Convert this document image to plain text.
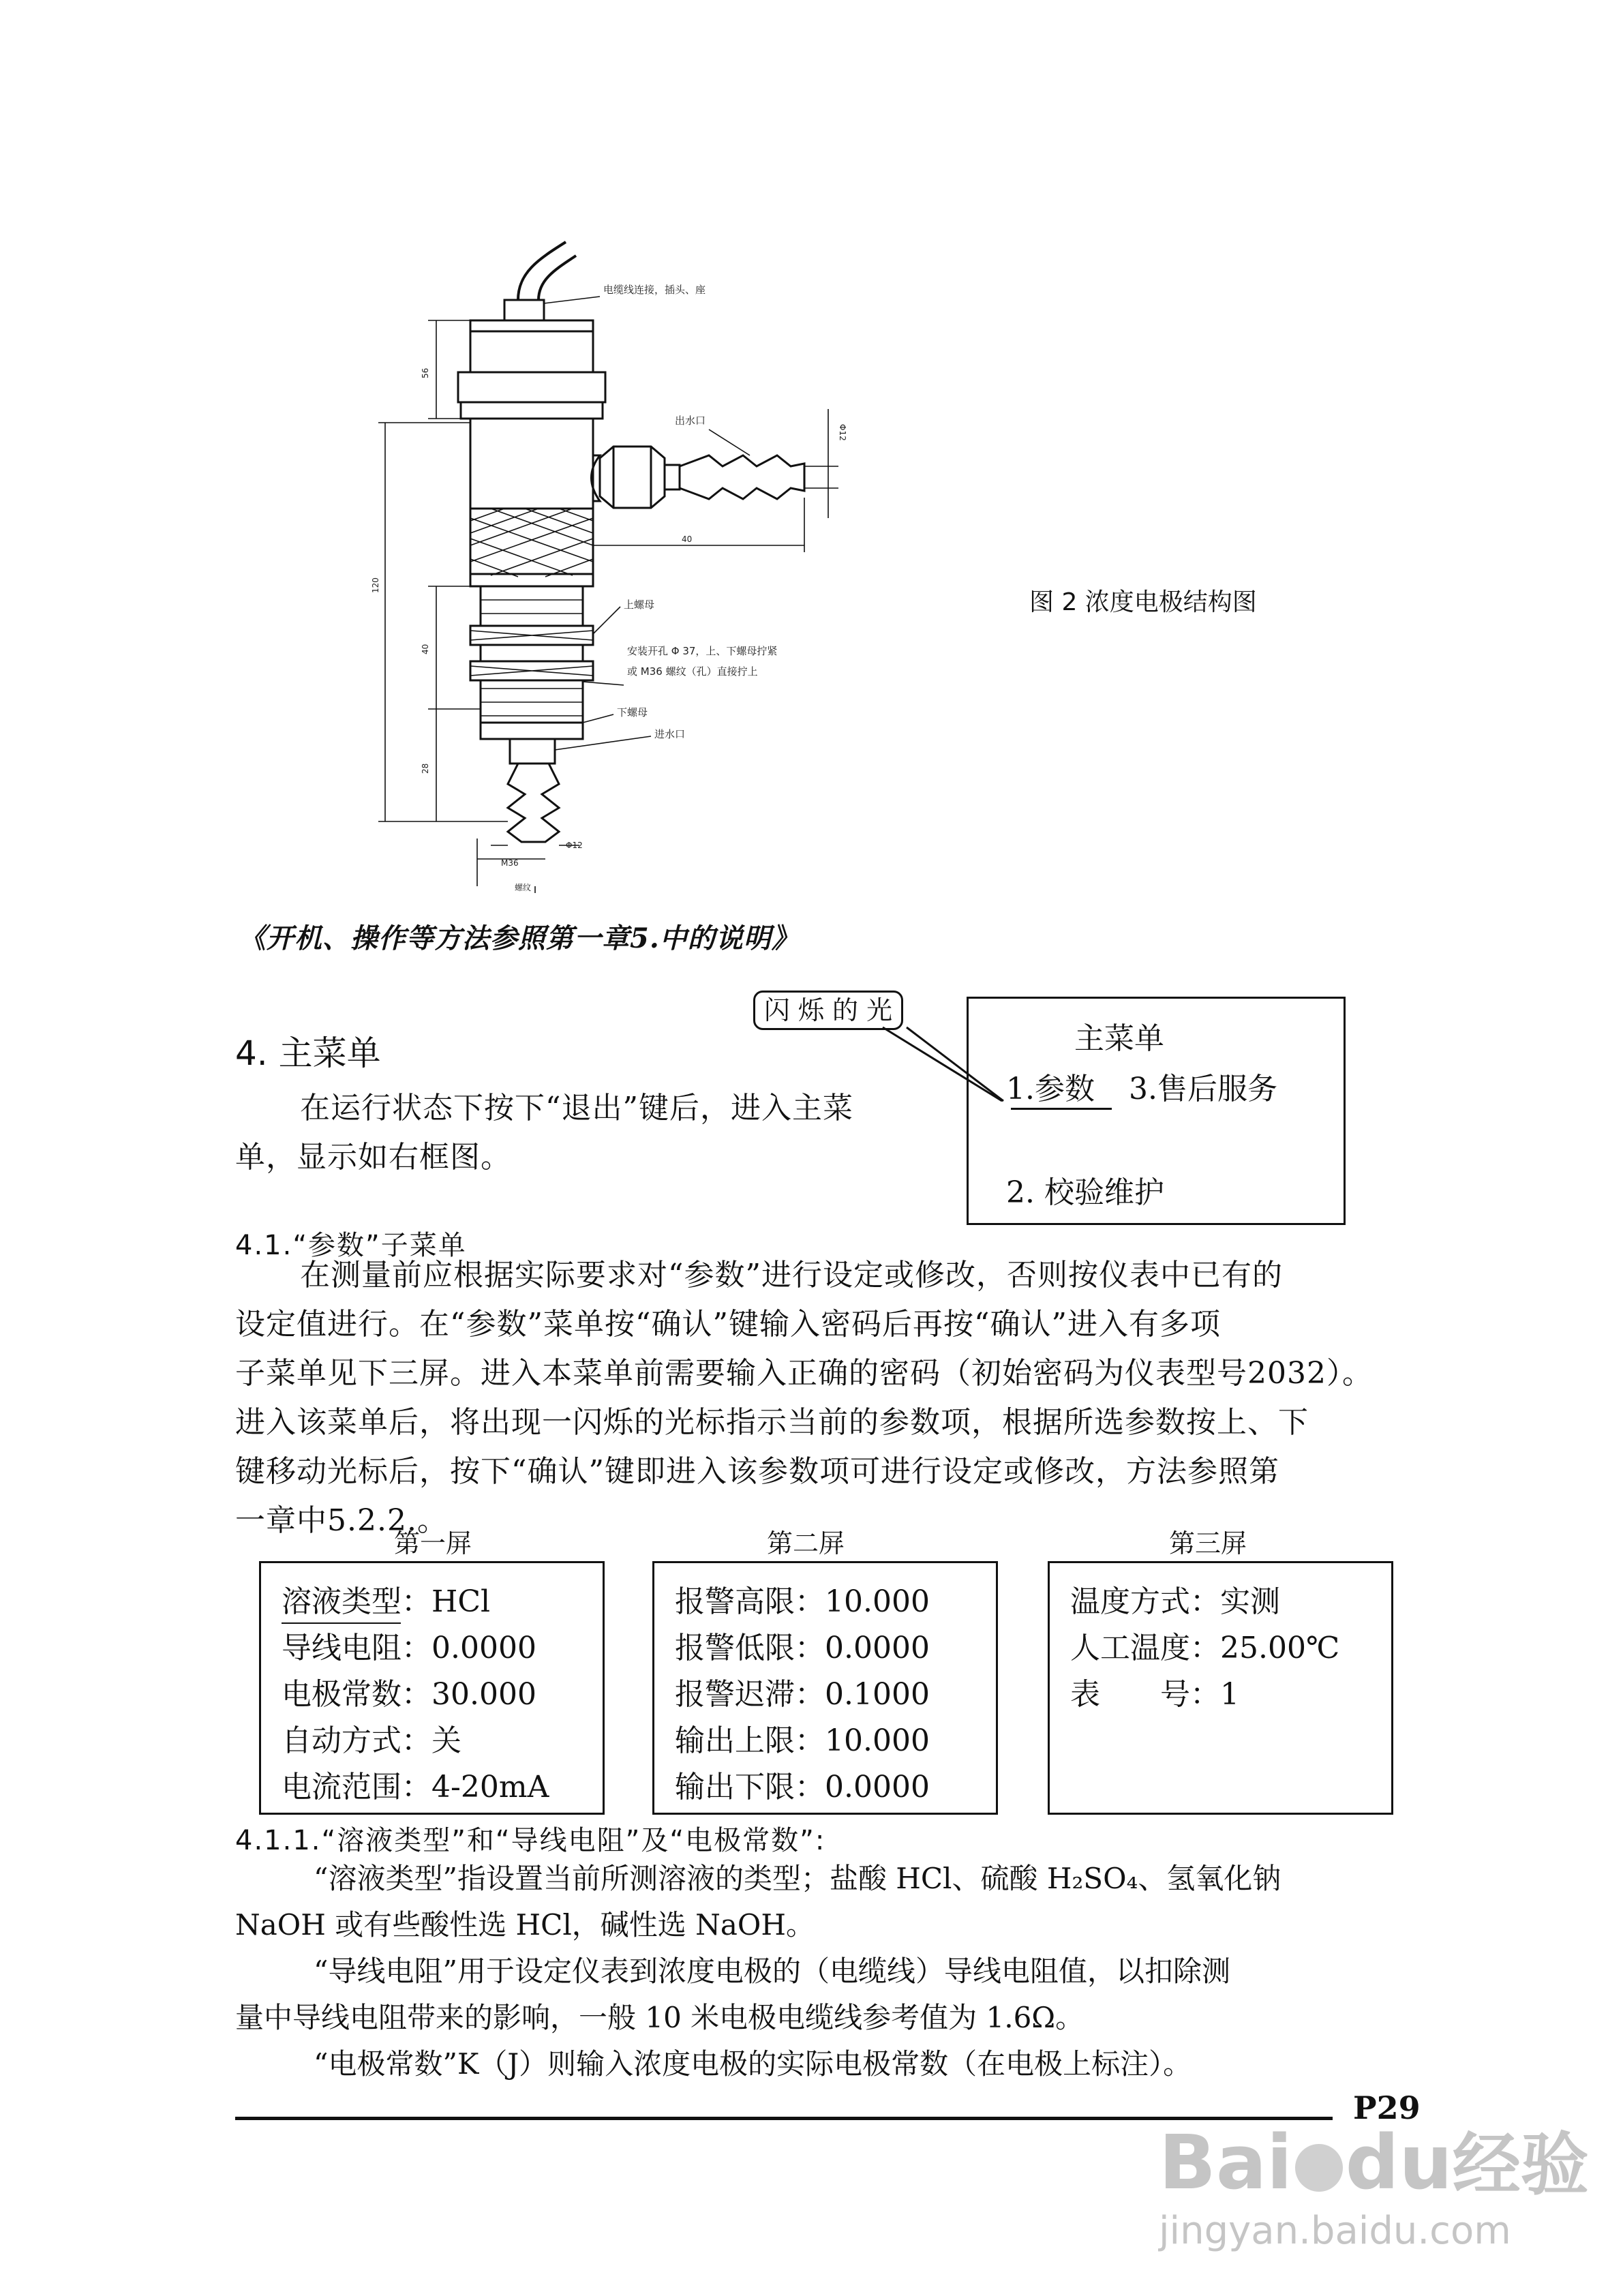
56
120
40
28
40
Φ12
Φ12
M36
螺纹
电缆线连接，插头、座
出水口
上螺母
安装开孔 Φ 37，上、下螺母拧紧
或 M36 螺纹（孔）直接拧上
下螺母
进水口
图 2 浓度电极结构图
《开机、操作等方法参照第一章5.中的说明》
4. 主菜单
在运行状态下按下“退出”键后，进入主菜单，显示如右框图。
闪 烁 的 光
主菜单
1.参数 3.售后服务
2. 校验维护
4.1.“参数”子菜单
在测量前应根据实际要求对“参数”进行设定或修改，否则按仪表中已有的
设定值进行。在“参数”菜单按“确认”键输入密码后再按“确认”进入有多项
子菜单见下三屏。进入本菜单前需要输入正确的密码（初始密码为仪表型号2032）。
进入该菜单后，将出现一闪烁的光标指示当前的参数项，根据所选参数按上、下
键移动光标后，按下“确认”键即进入该参数项可进行设定或修改，方法参照第
一章中5.2.2.。
第一屏	第二屏	第三屏
溶液类型：HCl
导线电阻：0.0000
电极常数：30.000
自动方式：关
电流范围：4-20mA
报警高限：10.000
报警低限：0.0000
报警迟滞：0.1000
输出上限：10.000
输出下限：0.0000
温度方式：实测
人工温度：25.00℃
表　　号：1
4.1.1.“溶液类型”和“导线电阻”及“电极常数”:
“溶液类型”指设置当前所测溶液的类型；盐酸 HCl、硫酸 H₂SO₄、氢氧化钠
NaOH 或有些酸性选 HCl，碱性选 NaOH。
“导线电阻”用于设定仪表到浓度电极的（电缆线）导线电阻值，以扣除测
量中导线电阻带来的影响，一般 10 米电极电缆线参考值为 1.6Ω。
“电极常数”K（J）则输入浓度电极的实际电极常数（在电极上标注）。
P29
Bai du经验
jingyan.baidu.com
